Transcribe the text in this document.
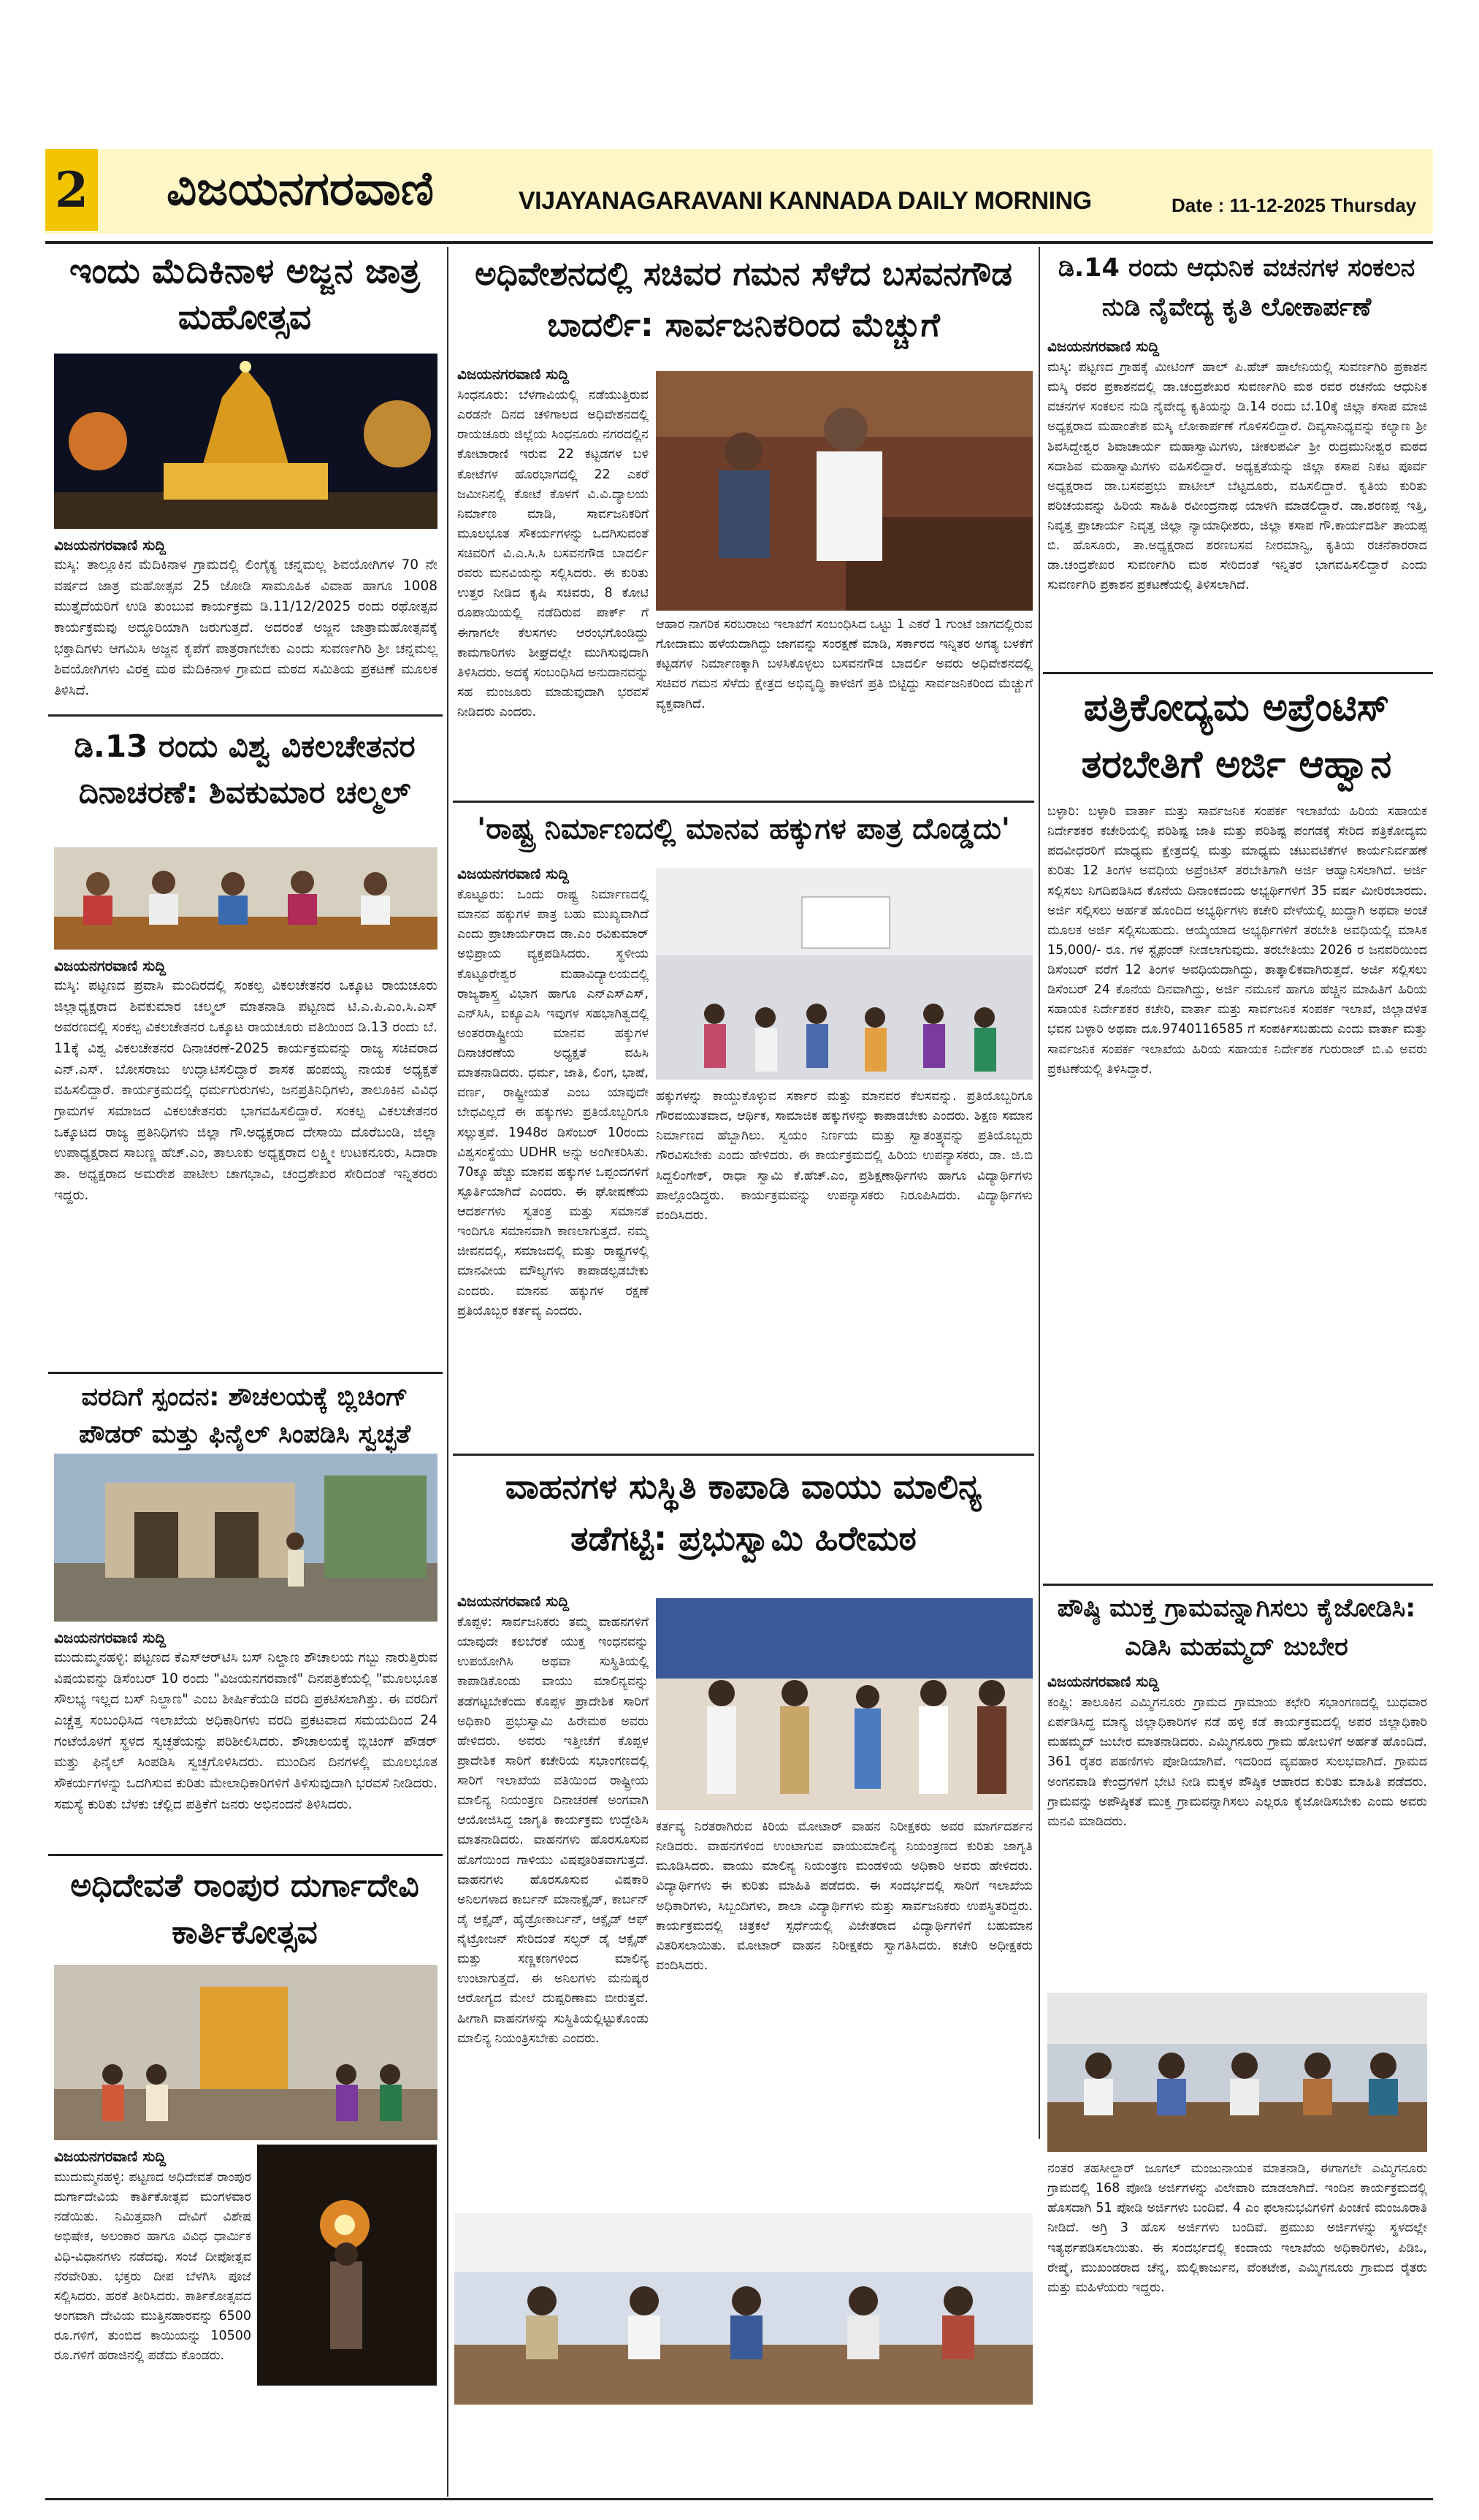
2 ವಿಜಯನಗರವಾಣಿ	VIJAYANAGARAVANI KANNADA DAILY MORNING	Date : 11-12-2025 Thursday
ಇಂದು ಮೆದಿಕಿನಾಳ ಅಜ್ಜನ ಜಾತ್ರ ಮಹೋತ್ಸವ
ವಿಜಯನಗರವಾಣಿ ಸುದ್ದಿ
ಮಸ್ಕಿ: ತಾಲ್ಲೂಕಿನ ಮೆದಿಕಿನಾಳ ಗ್ರಾಮದಲ್ಲಿ ಲಿಂಗೈಕ್ಯ ಚನ್ನಮಲ್ಲ ಶಿವಯೋಗಿಗಳ 70 ನೇ ವರ್ಷದ ಜಾತ್ರ ಮಹೋತ್ಸವ 25 ಜೋಡಿ ಸಾಮೂಹಿಕ ವಿವಾಹ ಹಾಗೂ 1008 ಮುತ್ತೈದೆಯರಿಗೆ ಉಡಿ ತುಂಬುವ ಕಾರ್ಯಕ್ರಮ ಡಿ.11/12/2025 ರಂದು ರಥೋತ್ಸವ ಕಾರ್ಯಕ್ರಮವು ಅದ್ಧೂರಿಯಾಗಿ ಜರುಗುತ್ತದೆ. ಅದರಂತೆ ಅಜ್ಜನ ಜಾತ್ರಾಮಹೋತ್ಸವಕ್ಕೆ ಭಕ್ತಾದಿಗಳು ಆಗಮಿಸಿ ಅಜ್ಜನ ಕೃಪೆಗೆ ಪಾತ್ರರಾಗಬೇಕು ಎಂದು ಸುವರ್ಣಗಿರಿ ಶ್ರೀ ಚನ್ನಮಲ್ಲ ಶಿವಯೋಗಿಗಳು ವಿರಕ್ತ ಮಠ ಮೆದಿಕಿನಾಳ ಗ್ರಾಮದ ಮಠದ ಸಮಿತಿಯ ಪ್ರಕಟಣೆ ಮೂಲಕ ತಿಳಿಸಿದೆ.
ಡಿ.13 ರಂದು ವಿಶ್ವ ವಿಕಲಚೇತನರ ದಿನಾಚರಣೆ: ಶಿವಕುಮಾರ ಚಲ್ಮಲ್
ವಿಜಯನಗರವಾಣಿ ಸುದ್ದಿ
ಮಸ್ಕಿ: ಪಟ್ಟಣದ ಪ್ರವಾಸಿ ಮಂದಿರದಲ್ಲಿ ಸಂಕಲ್ಪ ವಿಕಲಚೇತನರ ಒಕ್ಕೂಟ ರಾಯಚೂರು ಜಿಲ್ಲಾಧ್ಯಕ್ಷರಾದ ಶಿವಕುಮಾರ ಚಲ್ಮಲ್ ಮಾತನಾಡಿ ಪಟ್ಟಣದ ಟಿ.ಎ.ಪಿ.ಎಂ.ಸಿ.ಎಸ್ ಅವರಣದಲ್ಲಿ ಸಂಕಲ್ಪ ವಿಕಲಚೇತನರ ಒಕ್ಕೂಟ ರಾಯಚೂರು ವತಿಯಿಂದ ಡಿ.13 ರಂದು ಬೆ. 11ಕ್ಕೆ ವಿಶ್ವ ವಿಕಲಚೇತನರ ದಿನಾಚರಣೆ-2025 ಕಾರ್ಯಕ್ರಮವನ್ನು ರಾಜ್ಯ ಸಚಿವರಾದ ಎನ್.ಎಸ್. ಬೋಸರಾಜು ಉದ್ಘಾಟಿಸಲಿದ್ದಾರೆ ಶಾಸಕ ಹಂಪಯ್ಯ ನಾಯಕ ಅಧ್ಯಕ್ಷತೆ ವಹಿಸಲಿದ್ದಾರೆ. ಕಾರ್ಯಕ್ರಮದಲ್ಲಿ ಧರ್ಮಗುರುಗಳು, ಜನಪ್ರತಿನಿಧಿಗಳು, ತಾಲೂಕಿನ ವಿವಿಧ ಗ್ರಾಮಗಳ ಸಮಾಜದ ವಿಕಲಚೇತನರು ಭಾಗವಹಿಸಲಿದ್ದಾರೆ. ಸಂಕಲ್ಪ ವಿಕಲಚೇತನರ ಒಕ್ಕೂಟದ ರಾಜ್ಯ ಪ್ರತಿನಿಧಿಗಳು ಜಿಲ್ಲಾ ಗೌ.ಅಧ್ಯಕ್ಷರಾದ ದೇಸಾಯಿ ದೊರೆಬಂಡಿ, ಜಿಲ್ಲಾ ಉಪಾಧ್ಯಕ್ಷರಾದ ಸಾಬಣ್ಣ ಹೆಚ್.ಎಂ, ತಾಲೂಕು ಅಧ್ಯಕ್ಷರಾದ ಲಕ್ಷ್ಮೀ ಉಟಕನೂರು, ಸಿದಾರಾ ತಾ. ಅಧ್ಯಕ್ಷರಾದ ಅಮರೇಶ ಪಾಟೀಲ ಚಾಗಭಾವಿ, ಚಂದ್ರಶೇಖರ ಸೇರಿದಂತೆ ಇನ್ನಿತರರು ಇದ್ದರು.
ವರದಿಗೆ ಸ್ಪಂದನ: ಶೌಚಲಯಕ್ಕೆ ಬ್ಲಿಚಿಂಗ್ ಪೌಡರ್ ಮತ್ತು ಫಿನೈಲ್ ಸಿಂಪಡಿಸಿ ಸ್ವಚ್ಛತೆ
ವಿಜಯನಗರವಾಣಿ ಸುದ್ದಿ
ಮುದುಮ್ಮನಹಳ್ಳಿ: ಪಟ್ಟಣದ ಕೆಎಸ್‌ಆರ್‌ಟಿಸಿ ಬಸ್ ನಿಲ್ದಾಣ ಶೌಚಾಲಯ ಗಬ್ಬು ನಾರುತ್ತಿರುವ ವಿಷಯವನ್ನು ಡಿಸೆಂಬರ್ 10 ರಂದು "ವಿಜಯನಗರವಾಣಿ" ದಿನಪತ್ರಿಕೆಯಲ್ಲಿ "ಮೂಲಭೂತ ಸೌಲಭ್ಯ ಇಲ್ಲದ ಬಸ್ ನಿಲ್ದಾಣ" ಎಂಬ ಶೀರ್ಷಿಕೆಯಡಿ ವರದಿ ಪ್ರಕಟಿಸಲಾಗಿತ್ತು. ಈ ವರದಿಗೆ ಎಚ್ಚೆತ್ತ ಸಂಬಂಧಿಸಿದ ಇಲಾಖೆಯ ಅಧಿಕಾರಿಗಳು ವರದಿ ಪ್ರಕಟವಾದ ಸಮಯದಿಂದ 24 ಗಂಟೆಯೊಳಗೆ ಸ್ಥಳದ ಸ್ವಚ್ಛತೆಯನ್ನು ಪರಿಶೀಲಿಸಿದರು. ಶೌಚಾಲಯಕ್ಕೆ ಬ್ಲಿಚಿಂಗ್ ಪೌಡರ್ ಮತ್ತು ಫಿನೈಲ್ ಸಿಂಪಡಿಸಿ ಸ್ವಚ್ಛಗೊಳಿಸಿದರು. ಮುಂದಿನ ದಿನಗಳಲ್ಲಿ ಮೂಲಭೂತ ಸೌಕರ್ಯಗಳನ್ನು ಒದಗಿಸುವ ಕುರಿತು ಮೇಲಾಧಿಕಾರಿಗಳಿಗೆ ತಿಳಿಸುವುದಾಗಿ ಭರವಸೆ ನೀಡಿದರು. ಸಮಸ್ಯೆ ಕುರಿತು ಬೆಳಕು ಚೆಲ್ಲಿದ ಪತ್ರಿಕೆಗೆ ಜನರು ಅಭಿನಂದನೆ ತಿಳಿಸಿದರು.
ಅಧಿದೇವತೆ ರಾಂಪುರ ದುರ್ಗಾದೇವಿ ಕಾರ್ತಿಕೋತ್ಸವ
ವಿಜಯನಗರವಾಣಿ ಸುದ್ದಿ
ಮುದುಮ್ಮನಹಳ್ಳಿ: ಪಟ್ಟಣದ ಅಧಿದೇವತೆ ರಾಂಪುರ ದುರ್ಗಾದೇವಿಯ ಕಾರ್ತಿಕೋತ್ಸವ ಮಂಗಳವಾರ ನಡೆಯಿತು. ನಿಮಿತ್ತವಾಗಿ ದೇವಿಗೆ ವಿಶೇಷ ಅಭಿಷೇಕ, ಅಲಂಕಾರ ಹಾಗೂ ವಿವಿಧ ಧಾರ್ಮಿಕ ವಿಧಿ-ವಿಧಾನಗಳು ನಡೆದವು. ಸಂಜೆ ದೀಪೋತ್ಸವ ನೆರವೇರಿತು. ಭಕ್ತರು ದೀಪ ಬೆಳಗಿಸಿ ಪೂಜೆ ಸಲ್ಲಿಸಿದರು. ಹರಕೆ ತೀರಿಸಿದರು. ಕಾರ್ತಿಕೋತ್ಸವದ ಅಂಗವಾಗಿ ದೇವಿಯ ಮುತ್ತಿನಹಾರವನ್ನು 6500 ರೂ.ಗಳಿಗೆ, ತುಂಬಿದ ಕಾಯಿಯನ್ನು 10500 ರೂ.ಗಳಿಗೆ ಹರಾಜಿನಲ್ಲಿ ಪಡೆದು ಕೊಂಡರು.
ಅಧಿವೇಶನದಲ್ಲಿ ಸಚಿವರ ಗಮನ ಸೆಳೆದ ಬಸವನಗೌಡ ಬಾದರ್ಲಿ: ಸಾರ್ವಜನಿಕರಿಂದ ಮೆಚ್ಚುಗೆ
ವಿಜಯನಗರವಾಣಿ ಸುದ್ದಿ
ಸಿಂಧನೂರು: ಬೆಳಗಾವಿಯಲ್ಲಿ ನಡೆಯುತ್ತಿರುವ ಎರಡನೇ ದಿನದ ಚಳಿಗಾಲದ ಅಧಿವೇಶನದಲ್ಲಿ ರಾಯಚೂರು ಜಿಲ್ಲೆಯ ಸಿಂಧನೂರು ನಗರದಲ್ಲಿನ ಕೋಟಾರಾಣಿ ಇರುವ 22 ಕಟ್ಟಡಗಳ ಬಳಿ ಕೋಟೆಗಳ ಹೊರಭಾಗದಲ್ಲಿ 22 ಎಕರೆ ಜಮೀನಿನಲ್ಲಿ ಕೋಟೆ ಕೊಳಗೆ ವಿ.ವಿ.ದ್ಯಾಲಯ ನಿರ್ಮಾಣ ಮಾಡಿ, ಸಾರ್ವಜನಿಕರಿಗೆ ಮೂಲಭೂತ ಸೌಕರ್ಯಗಳನ್ನು ಒದಗಿಸುವಂತೆ ಸಚಿವರಿಗೆ ವಿ.ಎ.ಸಿ.ಸಿ ಬಸವನಗೌಡ ಬಾದರ್ಲಿ ರವರು ಮನವಿಯನ್ನು ಸಲ್ಲಿಸಿದರು. ಈ ಕುರಿತು ಉತ್ತರ ನೀಡಿದ ಕೃಷಿ ಸಚಿವರು, 8 ಕೋಟಿ ರೂಪಾಯಿಯಲ್ಲಿ ನಡೆದಿರುವ ಪಾರ್ಕ್ ಗೆ ಈಗಾಗಲೇ ಕೆಲಸಗಳು ಆರಂಭಗೊಂಡಿದ್ದು ಕಾಮಗಾರಿಗಳು ಶೀಘ್ರದಲ್ಲೇ ಮುಗಿಸುವುದಾಗಿ ತಿಳಿಸಿದರು. ಅದಕ್ಕೆ ಸಂಬಂಧಿಸಿದ ಅನುದಾನವನ್ನು ಸಹ ಮಂಜೂರು ಮಾಡುವುದಾಗಿ ಭರವಸೆ ನೀಡಿದರು ಎಂದರು.
ಆಹಾರ ನಾಗರಿಕ ಸರಬರಾಜು ಇಲಾಖೆಗೆ ಸಂಬಂಧಿಸಿದ ಒಟ್ಟು 1 ಎಕರೆ 1 ಗುಂಟೆ ಜಾಗದಲ್ಲಿರುವ ಗೋದಾಮು ಹಳೆಯದಾಗಿದ್ದು ಜಾಗವನ್ನು ಸಂರಕ್ಷಣೆ ಮಾಡಿ, ಸರ್ಕಾರದ ಇನ್ನಿತರ ಅಗತ್ಯ ಬಳಕೆಗೆ ಕಟ್ಟಡಗಳ ನಿರ್ಮಾಣಕ್ಕಾಗಿ ಬಳಸಿಕೊಳ್ಳಲು ಬಸವನಗೌಡ ಬಾದರ್ಲಿ ಅವರು ಅಧಿವೇಶನದಲ್ಲಿ ಸಚಿವರ ಗಮನ ಸೆಳೆದು ಕ್ಷೇತ್ರದ ಅಭಿವೃದ್ಧಿ ಕಾಳಜಿಗೆ ಪ್ರತಿ ಬಿಟ್ಟಿದ್ದು ಸಾರ್ವಜನಿಕರಿಂದ ಮೆಚ್ಚುಗೆ ವ್ಯಕ್ತವಾಗಿದೆ.
'ರಾಷ್ಟ್ರ ನಿರ್ಮಾಣದಲ್ಲಿ ಮಾನವ ಹಕ್ಕುಗಳ ಪಾತ್ರ ದೊಡ್ಡದು'
ವಿಜಯನಗರವಾಣಿ ಸುದ್ದಿ
ಕೊಟ್ಟೂರು: ಒಂದು ರಾಷ್ಟ್ರ ನಿರ್ಮಾಣದಲ್ಲಿ ಮಾನವ ಹಕ್ಕುಗಳ ಪಾತ್ರ ಬಹು ಮುಖ್ಯವಾಗಿದೆ ಎಂದು ಪ್ರಾಚಾರ್ಯರಾದ ಡಾ.ಎಂ ರವಿಕುಮಾರ್ ಅಭಿಪ್ರಾಯ ವ್ಯಕ್ತಪಡಿಸಿದರು. ಸ್ಥಳೀಯ ಕೊಟ್ಟೂರೇಶ್ವರ ಮಹಾವಿದ್ಯಾಲಯದಲ್ಲಿ ರಾಜ್ಯಶಾಸ್ತ್ರ ವಿಭಾಗ ಹಾಗೂ ಎನ್‌ಎಸ್‌ಎಸ್, ಎನ್‌ಸಿಸಿ, ಐಕ್ಯೂಎಸಿ ಇವುಗಳ ಸಹಭಾಗಿತ್ವದಲ್ಲಿ ಅಂತರರಾಷ್ಟ್ರೀಯ ಮಾನವ ಹಕ್ಕುಗಳ ದಿನಾಚರಣೆಯ ಅಧ್ಯಕ್ಷತೆ ವಹಿಸಿ ಮಾತನಾಡಿದರು. ಧರ್ಮ, ಜಾತಿ, ಲಿಂಗ, ಭಾಷೆ, ವರ್ಣ, ರಾಷ್ಟ್ರೀಯತೆ ಎಂಬ ಯಾವುದೇ ಬೇಧವಿಲ್ಲದೆ ಈ ಹಕ್ಕುಗಳು ಪ್ರತಿಯೊಬ್ಬರಿಗೂ ಸಲ್ಲುತ್ತವೆ. 1948ರ ಡಿಸೆಂಬರ್ 10ರಂದು ವಿಶ್ವಸಂಸ್ಥೆಯು UDHR ಅನ್ನು ಅಂಗೀಕರಿಸಿತು. 70ಕ್ಕೂ ಹೆಚ್ಚು ಮಾನವ ಹಕ್ಕುಗಳ ಒಪ್ಪಂದಗಳಿಗೆ ಸ್ಫೂರ್ತಿಯಾಗಿದೆ ಎಂದರು. ಈ ಘೋಷಣೆಯ ಆದರ್ಶಗಳು ಸ್ವತಂತ್ರ ಮತ್ತು ಸಮಾನತೆ ಇಂದಿಗೂ ಸಮಾನವಾಗಿ ಕಾಣಲಾಗುತ್ತದೆ. ನಮ್ಮ ಜೀವನದಲ್ಲಿ, ಸಮಾಜದಲ್ಲಿ ಮತ್ತು ರಾಷ್ಟ್ರಗಳಲ್ಲಿ ಮಾನವೀಯ ಮೌಲ್ಯಗಳು ಕಾಪಾಡಲ್ಪಡಬೇಕು ಎಂದರು. ಮಾನವ ಹಕ್ಕುಗಳ ರಕ್ಷಣೆ ಪ್ರತಿಯೊಬ್ಬರ ಕರ್ತವ್ಯ ಎಂದರು.
ಹಕ್ಕುಗಳನ್ನು ಕಾಯ್ದುಕೊಳ್ಳುವ ಸರ್ಕಾರ ಮತ್ತು ಮಾನವರ ಕೆಲಸವನ್ನು. ಪ್ರತಿಯೊಬ್ಬರಿಗೂ ಗೌರವಯುತವಾದ, ಆರ್ಥಿಕ, ಸಾಮಾಜಿಕ ಹಕ್ಕುಗಳನ್ನು ಕಾಪಾಡಬೇಕು ಎಂದರು. ಶಿಕ್ಷಣ ಸಮಾನ ನಿರ್ಮಾಣದ ಹೆಬ್ಬಾಗಿಲು. ಸ್ವಯಂ ನಿರ್ಣಯ ಮತ್ತು ಸ್ವಾತಂತ್ರ್ಯವನ್ನು ಪ್ರತಿಯೊಬ್ಬರು ಗೌರವಿಸಬೇಕು ಎಂದು ಹೇಳಿದರು. ಈ ಕಾರ್ಯಕ್ರಮದಲ್ಲಿ ಹಿರಿಯ ಉಪನ್ಯಾಸಕರು, ಡಾ. ಜಿ.ಬಿ ಸಿದ್ದಲಿಂಗೇಶ್, ರಾಧಾ ಸ್ವಾಮಿ ಕೆ.ಹೆಚ್.ಎಂ, ಪ್ರಶಿಕ್ಷಣಾರ್ಥಿಗಳು ಹಾಗೂ ವಿದ್ಯಾರ್ಥಿಗಳು ಪಾಲ್ಗೊಂಡಿದ್ದರು. ಕಾರ್ಯಕ್ರಮವನ್ನು ಉಪನ್ಯಾಸಕರು ನಿರೂಪಿಸಿದರು. ವಿದ್ಯಾರ್ಥಿಗಳು ವಂದಿಸಿದರು.
ವಾಹನಗಳ ಸುಸ್ಥಿತಿ ಕಾಪಾಡಿ ವಾಯು ಮಾಲಿನ್ಯ ತಡೆಗಟ್ಟಿ: ಪ್ರಭುಸ್ವಾಮಿ ಹಿರೇಮಠ
ವಿಜಯನಗರವಾಣಿ ಸುದ್ದಿ
ಕೊಪ್ಪಳ: ಸಾರ್ವಜನಿಕರು ತಮ್ಮ ವಾಹನಗಳಿಗೆ ಯಾವುದೇ ಕಲಬೆರಕೆ ಯುಕ್ತ ಇಂಧನವನ್ನು ಉಪಯೋಗಿಸಿ ಅಥವಾ ಸುಸ್ಥಿತಿಯಲ್ಲಿ ಕಾಪಾಡಿಕೊಂಡು ವಾಯು ಮಾಲಿನ್ಯವನ್ನು ತಡೆಗಟ್ಟಬೇಕೆಂದು ಕೊಪ್ಪಳ ಪ್ರಾದೇಶಿಕ ಸಾರಿಗೆ ಅಧಿಕಾರಿ ಪ್ರಭುಸ್ವಾಮಿ ಹಿರೇಮಠ ಅವರು ಹೇಳಿದರು. ಅವರು ಇತ್ತೀಚೆಗೆ ಕೊಪ್ಪಳ ಪ್ರಾದೇಶಿಕ ಸಾರಿಗೆ ಕಚೇರಿಯ ಸಭಾಂಗಣದಲ್ಲಿ ಸಾರಿಗೆ ಇಲಾಖೆಯ ವತಿಯಿಂದ ರಾಷ್ಟ್ರೀಯ ಮಾಲಿನ್ಯ ನಿಯಂತ್ರಣ ದಿನಾಚರಣೆ ಅಂಗವಾಗಿ ಆಯೋಜಿಸಿದ್ದ ಜಾಗೃತಿ ಕಾರ್ಯಕ್ರಮ ಉದ್ದೇಶಿಸಿ ಮಾತನಾಡಿದರು. ವಾಹನಗಳು ಹೊರಸೂಸುವ ಹೊಗೆಯಿಂದ ಗಾಳಿಯು ವಿಷಪೂರಿತವಾಗುತ್ತದೆ. ವಾಹನಗಳು ಹೊರಸೂಸುವ ವಿಷಕಾರಿ ಅನಿಲಗಳಾದ ಕಾರ್ಬನ್ ಮಾನಾಕ್ಸೈಡ್, ಕಾರ್ಬನ್ ಡೈ ಆಕ್ಸೈಡ್, ಹೈಡ್ರೋಕಾರ್ಬನ್, ಆಕ್ಸೈಡ್ ಆಫ್ ನೈಟ್ರೋಜನ್ ಸೇರಿದಂತೆ ಸಲ್ಫರ್ ಡೈ ಆಕ್ಸೈಡ್ ಮತ್ತು ಸಣ್ಣಕಣಗಳಿಂದ ಮಾಲಿನ್ಯ ಉಂಟಾಗುತ್ತದೆ. ಈ ಅನಿಲಗಳು ಮನುಷ್ಯರ ಆರೋಗ್ಯದ ಮೇಲೆ ದುಷ್ಪರಿಣಾಮ ಬೀರುತ್ತವೆ. ಹೀಗಾಗಿ ವಾಹನಗಳನ್ನು ಸುಸ್ಥಿತಿಯಲ್ಲಿಟ್ಟುಕೊಂಡು ಮಾಲಿನ್ಯ ನಿಯಂತ್ರಿಸಬೇಕು ಎಂದರು.
ಕರ್ತವ್ಯ ನಿರತರಾಗಿರುವ ಕಿರಿಯ ಮೋಟಾರ್ ವಾಹನ ನಿರೀಕ್ಷಕರು ಅವರ ಮಾರ್ಗದರ್ಶನ ನೀಡಿದರು. ವಾಹನಗಳಿಂದ ಉಂಟಾಗುವ ವಾಯುಮಾಲಿನ್ಯ ನಿಯಂತ್ರಣದ ಕುರಿತು ಜಾಗೃತಿ ಮೂಡಿಸಿದರು. ವಾಯು ಮಾಲಿನ್ಯ ನಿಯಂತ್ರಣ ಮಂಡಳಿಯ ಅಧಿಕಾರಿ ಅವರು ಹೇಳಿದರು. ವಿದ್ಯಾರ್ಥಿಗಳು ಈ ಕುರಿತು ಮಾಹಿತಿ ಪಡೆದರು. ಈ ಸಂದರ್ಭದಲ್ಲಿ ಸಾರಿಗೆ ಇಲಾಖೆಯ ಅಧಿಕಾರಿಗಳು, ಸಿಬ್ಬಂದಿಗಳು, ಶಾಲಾ ವಿದ್ಯಾರ್ಥಿಗಳು ಮತ್ತು ಸಾರ್ವಜನಿಕರು ಉಪಸ್ಥಿತರಿದ್ದರು. ಕಾರ್ಯಕ್ರಮದಲ್ಲಿ ಚಿತ್ರಕಲೆ ಸ್ಪರ್ಧೆಯಲ್ಲಿ ವಿಜೇತರಾದ ವಿದ್ಯಾರ್ಥಿಗಳಿಗೆ ಬಹುಮಾನ ವಿತರಿಸಲಾಯಿತು. ಮೋಟಾರ್ ವಾಹನ ನಿರೀಕ್ಷಕರು ಸ್ವಾಗತಿಸಿದರು. ಕಚೇರಿ ಅಧೀಕ್ಷಕರು ವಂದಿಸಿದರು.
ಡಿ.14 ರಂದು ಆಧುನಿಕ ವಚನಗಳ ಸಂಕಲನ ನುಡಿ ನೈವೇದ್ಯ ಕೃತಿ ಲೋಕಾರ್ಪಣೆ
ವಿಜಯನಗರವಾಣಿ ಸುದ್ದಿ
ಮಸ್ಕಿ: ಪಟ್ಟಣದ ಗ್ರಾಹಕ್ಕೆ ಮೀಟಿಂಗ್ ಹಾಲ್ ಪಿ.ಹೆಚ್ ಹಾಲೇನಿಯಲ್ಲಿ ಸುವರ್ಣಗಿರಿ ಪ್ರಕಾಶನ ಮಸ್ಕಿ ರವರ ಪ್ರಕಾಶನದಲ್ಲಿ ಡಾ.ಚಂದ್ರಶೇಖರ ಸುವರ್ಣಗಿರಿ ಮಠ ರವರ ರಚನೆಯ ಆಧುನಿಕ ವಚನಗಳ ಸಂಕಲನ ನುಡಿ ನೈವೇದ್ಯ ಕೃತಿಯನ್ನು ಡಿ.14 ರಂದು ಬೆ.10ಕ್ಕೆ ಜಿಲ್ಲಾ ಕಸಾಪ ಮಾಜಿ ಅಧ್ಯಕ್ಷರಾದ ಮಹಾಂತೇಶ ಮಸ್ಕಿ ಲೋಕಾರ್ಪಣೆ ಗೊಳಿಸಲಿದ್ದಾರೆ. ದಿವ್ಯಸಾನಿಧ್ಯವನ್ನು ಕಲ್ಯಾಣ ಶ್ರೀ ಶಿವಸಿದ್ದೇಶ್ವರ ಶಿವಾಚಾರ್ಯ ಮಹಾಸ್ವಾಮಿಗಳು, ಚೀಕಲಪರ್ವಿ ಶ್ರೀ ರುದ್ರಮುನೀಶ್ವರ ಮಠದ ಸದಾಶಿವ ಮಹಾಸ್ವಾಮಿಗಳು ವಹಿಸಲಿದ್ದಾರೆ. ಅಧ್ಯಕ್ಷತೆಯನ್ನು ಜಿಲ್ಲಾ ಕಸಾಪ ನಿಕಟ ಪೂರ್ವ ಅಧ್ಯಕ್ಷರಾದ ಡಾ.ಬಸವಪ್ರಭು ಪಾಟೀಲ್ ಬೆಟ್ಟದೂರು, ವಹಿಸಲಿದ್ದಾರೆ. ಕೃತಿಯ ಕುರಿತು ಪರಿಚಯವನ್ನು ಹಿರಿಯ ಸಾಹಿತಿ ರವೀಂದ್ರನಾಥ ಯಾಳಗಿ ಮಾಡಲಿದ್ದಾರೆ. ಡಾ.ಶರಣಪ್ಪ ಇತ್ತಿ, ನಿವೃತ್ತ ಪ್ರಾಚಾರ್ಯ ನಿವೃತ್ತ ಜಿಲ್ಲಾ ನ್ಯಾಯಾಧೀಶರು, ಜಿಲ್ಲಾ ಕಸಾಪ ಗೌ.ಕಾರ್ಯದರ್ಶಿ ತಾಯಪ್ಪ ಬಿ. ಹೊಸೂರು, ತಾ.ಅಧ್ಯಕ್ಷರಾದ ಶರಣಬಸವ ನೀರಮಾನ್ವಿ, ಕೃತಿಯ ರಚನೆಕಾರರಾದ ಡಾ.ಚಂದ್ರಶೇಖರ ಸುವರ್ಣಗಿರಿ ಮಠ ಸೇರಿದಂತೆ ಇನ್ನಿತರ ಭಾಗವಹಿಸಲಿದ್ದಾರೆ ಎಂದು ಸುವರ್ಣಗಿರಿ ಪ್ರಕಾಶನ ಪ್ರಕಟಣೆಯಲ್ಲಿ ತಿಳಿಸಲಾಗಿದೆ.
ಪತ್ರಿಕೋದ್ಯಮ ಅಪ್ರೆಂಟಿಸ್ ತರಬೇತಿಗೆ ಅರ್ಜಿ ಆಹ್ವಾನ
ಬಳ್ಳಾರಿ: ಬಳ್ಳಾರಿ ವಾರ್ತಾ ಮತ್ತು ಸಾರ್ವಜನಿಕ ಸಂಪರ್ಕ ಇಲಾಖೆಯ ಹಿರಿಯ ಸಹಾಯಕ ನಿರ್ದೇಶಕರ ಕಚೇರಿಯಲ್ಲಿ ಪರಿಶಿಷ್ಟ ಜಾತಿ ಮತ್ತು ಪರಿಶಿಷ್ಟ ಪಂಗಡಕ್ಕೆ ಸೇರಿದ ಪತ್ರಿಕೋದ್ಯಮ ಪದವೀಧರರಿಗೆ ಮಾಧ್ಯಮ ಕ್ಷೇತ್ರದಲ್ಲಿ ಮತ್ತು ಮಾಧ್ಯಮ ಚಟುವಟಿಕೆಗಳ ಕಾರ್ಯನಿರ್ವಹಣೆ ಕುರಿತು 12 ತಿಂಗಳ ಅವಧಿಯ ಅಪ್ರೆಂಟಿಸ್ ತರಬೇತಿಗಾಗಿ ಅರ್ಜಿ ಆಹ್ವಾನಿಸಲಾಗಿದೆ. ಅರ್ಜಿ ಸಲ್ಲಿಸಲು ನಿಗದಿಪಡಿಸಿದ ಕೊನೆಯ ದಿನಾಂಕದಂದು ಅಭ್ಯರ್ಥಿಗಳಿಗೆ 35 ವರ್ಷ ಮೀರಿರಬಾರದು. ಅರ್ಜಿ ಸಲ್ಲಿಸಲು ಅರ್ಹತೆ ಹೊಂದಿದ ಅಭ್ಯರ್ಥಿಗಳು ಕಚೇರಿ ವೇಳೆಯಲ್ಲಿ ಖುದ್ದಾಗಿ ಅಥವಾ ಅಂಚೆ ಮೂಲಕ ಅರ್ಜಿ ಸಲ್ಲಿಸಬಹುದು. ಆಯ್ಕೆಯಾದ ಅಭ್ಯರ್ಥಿಗಳಿಗೆ ತರಬೇತಿ ಅವಧಿಯಲ್ಲಿ ಮಾಸಿಕ 15,000/- ರೂ. ಗಳ ಸ್ಟೈಫಂಡ್ ನೀಡಲಾಗುವುದು. ತರಬೇತಿಯು 2026 ರ ಜನವರಿಯಿಂದ ಡಿಸೆಂಬರ್ ವರೆಗೆ 12 ತಿಂಗಳ ಅವಧಿಯದಾಗಿದ್ದು, ತಾತ್ಕಾಲಿಕವಾಗಿರುತ್ತದೆ. ಅರ್ಜಿ ಸಲ್ಲಿಸಲು ಡಿಸೆಂಬರ್ 24 ಕೊನೆಯ ದಿನವಾಗಿದ್ದು, ಅರ್ಜಿ ನಮೂನೆ ಹಾಗೂ ಹೆಚ್ಚಿನ ಮಾಹಿತಿಗೆ ಹಿರಿಯ ಸಹಾಯಕ ನಿರ್ದೇಶಕರ ಕಚೇರಿ, ವಾರ್ತಾ ಮತ್ತು ಸಾರ್ವಜನಿಕ ಸಂಪರ್ಕ ಇಲಾಖೆ, ಜಿಲ್ಲಾಡಳಿತ ಭವನ ಬಳ್ಳಾರಿ ಅಥವಾ ದೂ.9740116585 ಗೆ ಸಂಪರ್ಕಿಸಬಹುದು ಎಂದು ವಾರ್ತಾ ಮತ್ತು ಸಾರ್ವಜನಿಕ ಸಂಪರ್ಕ ಇಲಾಖೆಯ ಹಿರಿಯ ಸಹಾಯಕ ನಿರ್ದೇಶಕ ಗುರುರಾಜ್ ಬಿ.ವಿ ಅವರು ಪ್ರಕಟಣೆಯಲ್ಲಿ ತಿಳಿಸಿದ್ದಾರೆ.
ಪೌಷ್ಠಿ ಮುಕ್ತ ಗ್ರಾಮವನ್ನಾಗಿಸಲು ಕೈಜೋಡಿಸಿ: ಎಡಿಸಿ ಮಹಮ್ಮದ್ ಜುಬೇರ
ವಿಜಯನಗರವಾಣಿ ಸುದ್ದಿ
ಕಂಪ್ಲಿ: ತಾಲೂಕಿನ ಎಮ್ಮಿಗನೂರು ಗ್ರಾಮದ ಗ್ರಾಮಾಯ ಕಛೇರಿ ಸಭಾಂಗಣದಲ್ಲಿ ಬುಧವಾರ ಏರ್ಪಡಿಸಿದ್ದ ಮಾನ್ಯ ಜಿಲ್ಲಾಧಿಕಾರಿಗಳ ನಡೆ ಹಳ್ಳಿ ಕಡೆ ಕಾರ್ಯಕ್ರಮದಲ್ಲಿ ಅಪರ ಜಿಲ್ಲಾಧಿಕಾರಿ ಮಹಮ್ಮದ್ ಜುಬೇರ ಮಾತನಾಡಿದರು. ಎಮ್ಮಿಗನೂರು ಗ್ರಾಮ ಹೋಬಳಿಗೆ ಅರ್ಹತೆ ಹೊಂದಿದೆ. 361 ರೈತರ ಪಹಣಿಗಳು ಪೋಡಿಯಾಗಿವೆ. ಇದರಿಂದ ವ್ಯವಹಾರ ಸುಲಭವಾಗಿದೆ. ಗ್ರಾಮದ ಅಂಗನವಾಡಿ ಕೇಂದ್ರಗಳಿಗೆ ಭೇಟಿ ನೀಡಿ ಮಕ್ಕಳ ಪೌಷ್ಠಿಕ ಆಹಾರದ ಕುರಿತು ಮಾಹಿತಿ ಪಡೆದರು. ಗ್ರಾಮವನ್ನು ಅಪೌಷ್ಠಿಕತೆ ಮುಕ್ತ ಗ್ರಾಮವನ್ನಾಗಿಸಲು ಎಲ್ಲರೂ ಕೈಜೋಡಿಸಬೇಕು ಎಂದು ಅವರು ಮನವಿ ಮಾಡಿದರು.
ನಂತರ ತಹಸೀಲ್ದಾರ್ ಜೂಗಲ್ ಮಂಜುನಾಯಕ ಮಾತನಾಡಿ, ಈಗಾಗಲೇ ಎಮ್ಮಿಗನೂರು ಗ್ರಾಮದಲ್ಲಿ 168 ಪೋಡಿ ಅರ್ಜಿಗಳನ್ನು ವಿಲೇವಾರಿ ಮಾಡಲಾಗಿದೆ. ಇಂದಿನ ಕಾರ್ಯಕ್ರಮದಲ್ಲಿ ಹೊಸದಾಗಿ 51 ಪೋಡಿ ಅರ್ಜಿಗಳು ಬಂದಿವೆ. 4 ಎಂ ಫಲಾನುಭವಿಗಳಿಗೆ ಪಿಂಚಣಿ ಮಂಜೂರಾತಿ ನೀಡಿದೆ. ಅಗ್ರಿ 3 ಹೊಸ ಅರ್ಜಿಗಳು ಬಂದಿವೆ. ಪ್ರಮುಖ ಅರ್ಜಿಗಳನ್ನು ಸ್ಥಳದಲ್ಲೇ ಇತ್ಯರ್ಥಪಡಿಸಲಾಯಿತು. ಈ ಸಂದರ್ಭದಲ್ಲಿ ಕಂದಾಯ ಇಲಾಖೆಯ ಅಧಿಕಾರಿಗಳು, ಪಿಡಿಒ, ರೇಷ್ಮೆ, ಮುಖಂಡರಾದ ಚೆನ್ನ, ಮಲ್ಲಿಕಾರ್ಜುನ, ವೆಂಕಟೇಶ, ಎಮ್ಮಿಗನೂರು ಗ್ರಾಮದ ರೈತರು ಮತ್ತು ಮಹಿಳೆಯರು ಇದ್ದರು.
